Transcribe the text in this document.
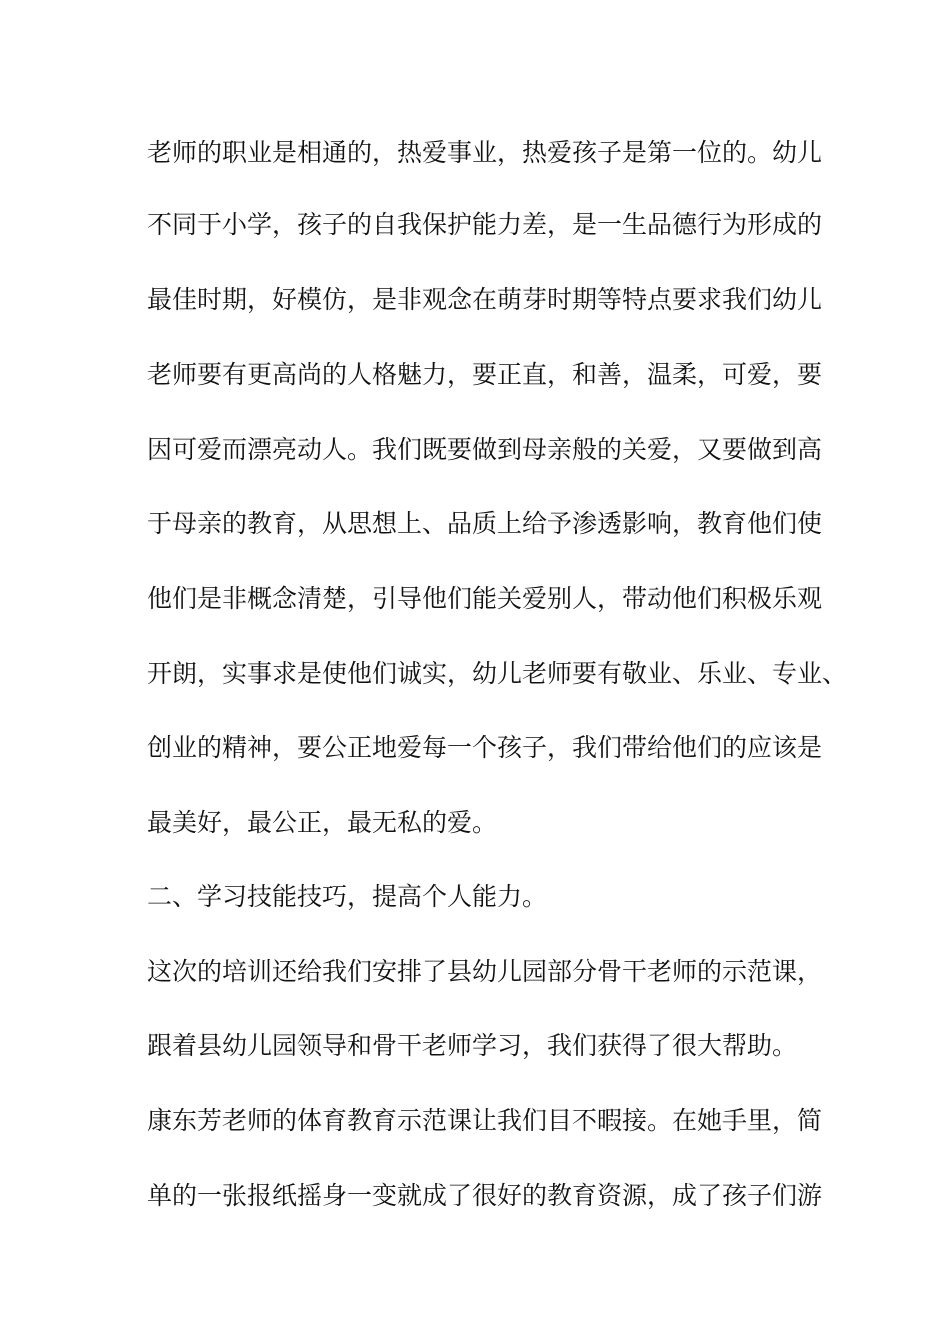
老师的职业是相通的，热爱事业，热爱孩子是第一位的。幼儿
不同于小学，孩子的自我保护能力差，是一生品德行为形成的
最佳时期，好模仿，是非观念在萌芽时期等特点要求我们幼儿
老师要有更高尚的人格魅力，要正直，和善，温柔，可爱，要
因可爱而漂亮动人。我们既要做到母亲般的关爱，又要做到高
于母亲的教育，从思想上、品质上给予渗透影响，教育他们使
他们是非概念清楚，引导他们能关爱别人，带动他们积极乐观
开朗，实事求是使他们诚实，幼儿老师要有敬业、乐业、专业、
创业的精神，要公正地爱每一个孩子，我们带给他们的应该是
最美好，最公正，最无私的爱。
二、学习技能技巧，提高个人能力。
这次的培训还给我们安排了县幼儿园部分骨干老师的示范课，
跟着县幼儿园领导和骨干老师学习，我们获得了很大帮助。
康东芳老师的体育教育示范课让我们目不暇接。在她手里，简
单的一张报纸摇身一变就成了很好的教育资源，成了孩子们游
